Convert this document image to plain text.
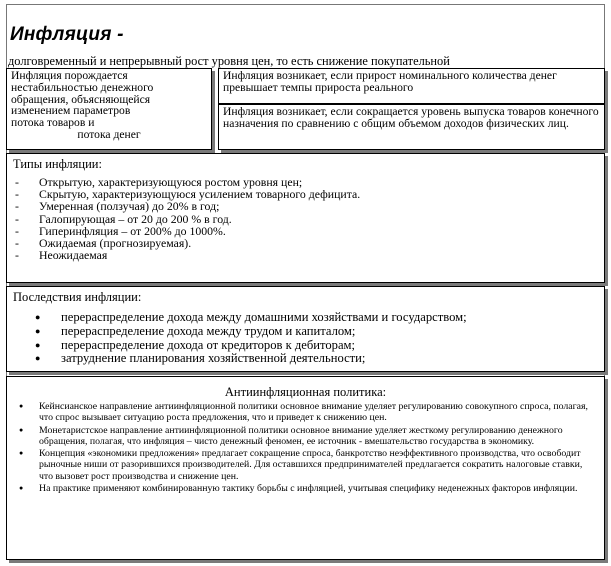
Инфляция -
долговременный и непрерывный рост уровня цен, то есть снижение покупательной
Инфляция порождается
нестабильностью денежного
обращения, объясняющейся
изменением параметров
потока товаров и
потока денег
Инфляция возникает, если прирост номинального количества денег превышает темпы прироста реального
Инфляция возникает, если сокращается уровень выпуска товаров конечного назначения по сравнению с общим объемом доходов физических лиц.
Типы инфляции:
- Открытую, характеризующуюся ростом уровня цен;
- Скрытую, характеризующуюся усилением товарного дефицита.
- Умеренная (ползучая) до 20% в год;
- Галопирующая – от 20 до 200 % в год.
- Гиперинфляция – от 200% до 1000%.
- Ожидаемая (прогнозируемая).
- Неожидаемая
Последствия инфляции:
● перераспределение дохода между домашними хозяйствами и государством;
● перераспределение дохода между трудом и капиталом;
● перераспределение дохода от кредиторов к дебиторам;
● затруднение планирования хозяйственной деятельности;
Антиинфляционная политика:
● Кейнсианское направление антиинфляционной политики основное внимание уделяет регулированию совокупного спроса, полагая, что спрос вызывает ситуацию роста предложения, что и приведет к снижению цен.
● Монетаристское направление антиинфляционной политики основное внимание уделяет жесткому регулированию денежного обращения, полагая, что инфляция – чисто денежный феномен, ее источник - вмешательство государства в экономику.
● Концепция «экономики предложения» предлагает сокращение спроса, банкротство неэффективного производства, что освободит рыночные ниши от разорившихся производителей. Для оставшихся предпринимателей предлагается сократить налоговые ставки, что вызовет рост производства и снижение цен.
● На практике применяют комбинированную тактику борьбы с инфляцией, учитывая специфику неденежных факторов инфляции.
